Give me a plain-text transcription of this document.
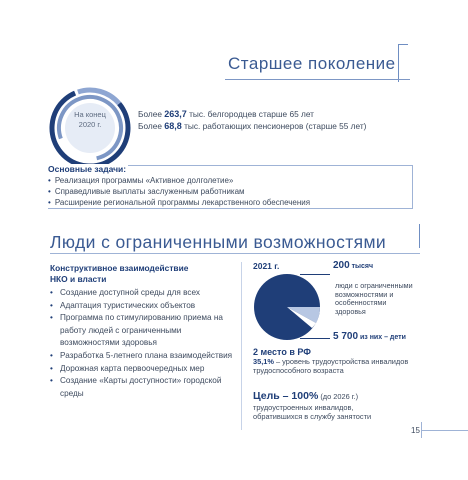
Старшее поколение
На конец
2020 г.
Более 263,7 тыс. белгородцев старше 65 лет
Более 68,8 тыс. работающих пенсионеров (старше 55 лет)
Основные задачи:
• Реализация программы «Активное долголетие»
• Справедливые выплаты заслуженным работникам
• Расширение региональной программы лекарственного обеспечения
Люди с ограниченными возможностями
Конструктивное взаимодействие
НКО и власти
• Создание доступной среды для всех
• Адаптация туристических объектов
• Программа по стимулированию приема на работу людей с ограниченными возможностями здоровья
• Разработка 5-летнего плана взаимодействия
• Дорожная карта первоочередных мер
• Создание «Карты доступности» городской среды
2021 г.	200 тысяч
люди с ограниченными возможностями и особенностями здоровья
5 700 из них – дети
2 место в РФ
35,1% – уровень трудоустройства инвалидов трудоспособного возраста
Цель – 100% (до 2026 г.)
трудоустроенных инвалидов, обратившихся в службу занятости
15
